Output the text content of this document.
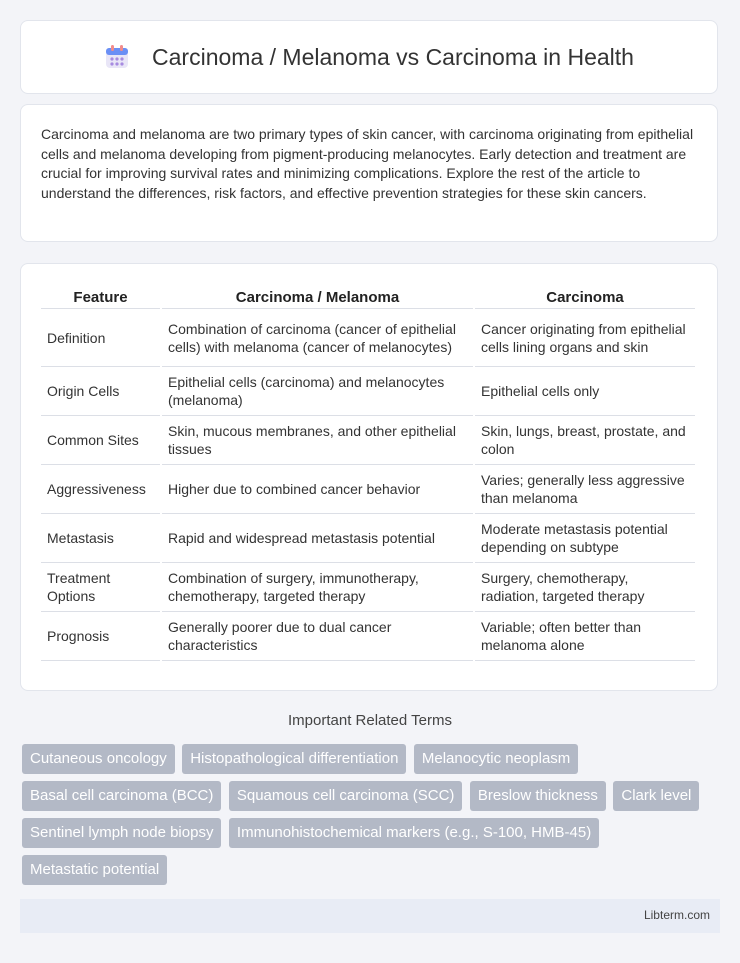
Carcinoma / Melanoma vs Carcinoma in Health

Carcinoma and melanoma are two primary types of skin cancer, with carcinoma originating from epithelial cells and melanoma developing from pigment-producing melanocytes. Early detection and treatment are crucial for improving survival rates and minimizing complications. Explore the rest of the article to understand the differences, risk factors, and effective prevention strategies for these skin cancers.

Feature	Carcinoma / Melanoma	Carcinoma
Definition	Combination of carcinoma (cancer of epithelial cells) with melanoma (cancer of melanocytes)	Cancer originating from epithelial cells lining organs and skin
Origin Cells	Epithelial cells (carcinoma) and melanocytes (melanoma)	Epithelial cells only
Common Sites	Skin, mucous membranes, and other epithelial tissues	Skin, lungs, breast, prostate, and colon
Aggressiveness	Higher due to combined cancer behavior	Varies; generally less aggressive than melanoma
Metastasis	Rapid and widespread metastasis potential	Moderate metastasis potential depending on subtype
Treatment Options	Combination of surgery, immunotherapy, chemotherapy, targeted therapy	Surgery, chemotherapy, radiation, targeted therapy
Prognosis	Generally poorer due to dual cancer characteristics	Variable; often better than melanoma alone
Important Related Terms
Cutaneous oncology Histopathological differentiation Melanocytic neoplasm Basal cell carcinoma (BCC) Squamous cell carcinoma (SCC) Breslow thickness Clark level Sentinel lymph node biopsy Immunohistochemical markers (e.g., S-100, HMB-45) Metastatic potential
Libterm.com
